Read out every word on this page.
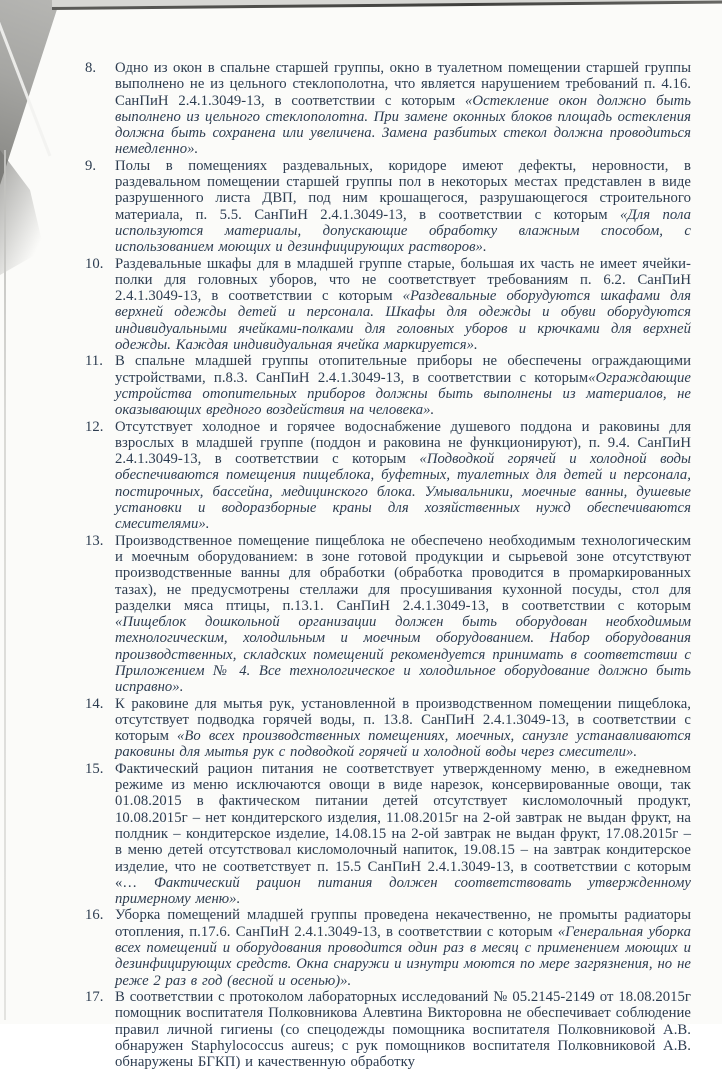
8.	Одно из окон в спальне старшей группы, окно в туалетном помещении старшей группы выполнено не из цельного стеклополотна, что является нарушением требований п. 4.16. СанПиН 2.4.1.3049-13, в соответствии с которым «Остекление окон должно быть выполнено из цельного стеклополотна. При замене оконных блоков площадь остекления должна быть сохранена или увеличена. Замена разбитых стекол должна проводиться немедленно».
9.	Полы в помещениях раздевальных, коридоре имеют дефекты, неровности, в раздевальном помещении старшей группы пол в некоторых местах представлен в виде разрушенного листа ДВП, под ним крошащегося, разрушающегося строительного материала, п. 5.5. СанПиН 2.4.1.3049-13, в соответствии с которым «Для пола используются материалы, допускающие обработку влажным способом, с использованием моющих и дезинфицирующих растворов».
10. Раздевальные шкафы для в младшей группе старые, большая их часть не имеет ячейки-полки для головных уборов, что не соответствует требованиям п. 6.2. СанПиН 2.4.1.3049-13, в соответствии с которым «Раздевальные оборудуются шкафами для верхней одежды детей и персонала. Шкафы для одежды и обуви оборудуются индивидуальными ячейками-полками для головных уборов и крючками для верхней одежды. Каждая индивидуальная ячейка маркируется».
11. В спальне младшей группы отопительные приборы не обеспечены ограждающими устройствами, п.8.3. СанПиН 2.4.1.3049-13, в соответствии с которым«Ограждающие устройства отопительных приборов должны быть выполнены из материалов, не оказывающих вредного воздействия на человека».
12. Отсутствует холодное и горячее водоснабжение душевого поддона и раковины для взрослых в младшей группе (поддон и раковина не функционируют), п. 9.4. СанПиН 2.4.1.3049-13, в соответствии с которым «Подводкой горячей и холодной воды обеспечиваются помещения пищеблока, буфетных, туалетных для детей и персонала, постирочных, бассейна, медицинского блока. Умывальники, моечные ванны, душевые установки и водоразборные краны для хозяйственных нужд обеспечиваются смесителями».
13. Производственное помещение пищеблока не обеспечено необходимым технологическим и моечным оборудованием: в зоне готовой продукции и сырьевой зоне отсутствуют производственные ванны для обработки (обработка проводится в промаркированных тазах), не предусмотрены стеллажи для просушивания кухонной посуды, стол для разделки мяса птицы, п.13.1. СанПиН 2.4.1.3049-13, в соответствии с которым «Пищеблок дошкольной организации должен быть оборудован необходимым технологическим, холодильным и моечным оборудованием. Набор оборудования производственных, складских помещений рекомендуется принимать в соответствии с Приложением № 4. Все технологическое и холодильное оборудование должно быть исправно».
14. К раковине для мытья рук, установленной в производственном помещении пищеблока, отсутствует подводка горячей воды, п. 13.8. СанПиН 2.4.1.3049-13, в соответствии с которым «Во всех производственных помещениях, моечных, санузле устанавливаются раковины для мытья рук с подводкой горячей и холодной воды через смесители».
15. Фактический рацион питания не соответствует утвержденному меню, в ежедневном режиме из меню исключаются овощи в виде нарезок, консервированные овощи, так 01.08.2015 в фактическом питании детей отсутствует кисломолочный продукт, 10.08.2015г – нет кондитерского изделия, 11.08.2015г на 2-ой завтрак не выдан фрукт, на полдник – кондитерское изделие, 14.08.15 на 2-ой завтрак не выдан фрукт, 17.08.2015г – в меню детей отсутствовал кисломолочный напиток, 19.08.15 – на завтрак кондитерское изделие, что не соответствует п. 15.5 СанПиН 2.4.1.3049-13, в соответствии с которым «… Фактический рацион питания должен соответствовать утвержденному примерному меню».
16. Уборка помещений младшей группы проведена некачественно, не промыты радиаторы отопления, п.17.6. СанПиН 2.4.1.3049-13, в соответствии с которым «Генеральная уборка всех помещений и оборудования проводится один раз в месяц с применением моющих и дезинфицирующих средств. Окна снаружи и изнутри моются по мере загрязнения, но не реже 2 раз в год (весной и осенью)».
17. В соответствии с протоколом лабораторных исследований № 05.2145-2149 от 18.08.2015г помощник воспитателя Полковникова Алевтина Викторовна не обеспечивает соблюдение правил личной гигиены (со спецодежды помощника воспитателя Полковниковой А.В. обнаружен Staphylococcus aureus; с рук помощников воспитателя Полковниковой А.В. обнаружены БГКП) и качественную обработку
